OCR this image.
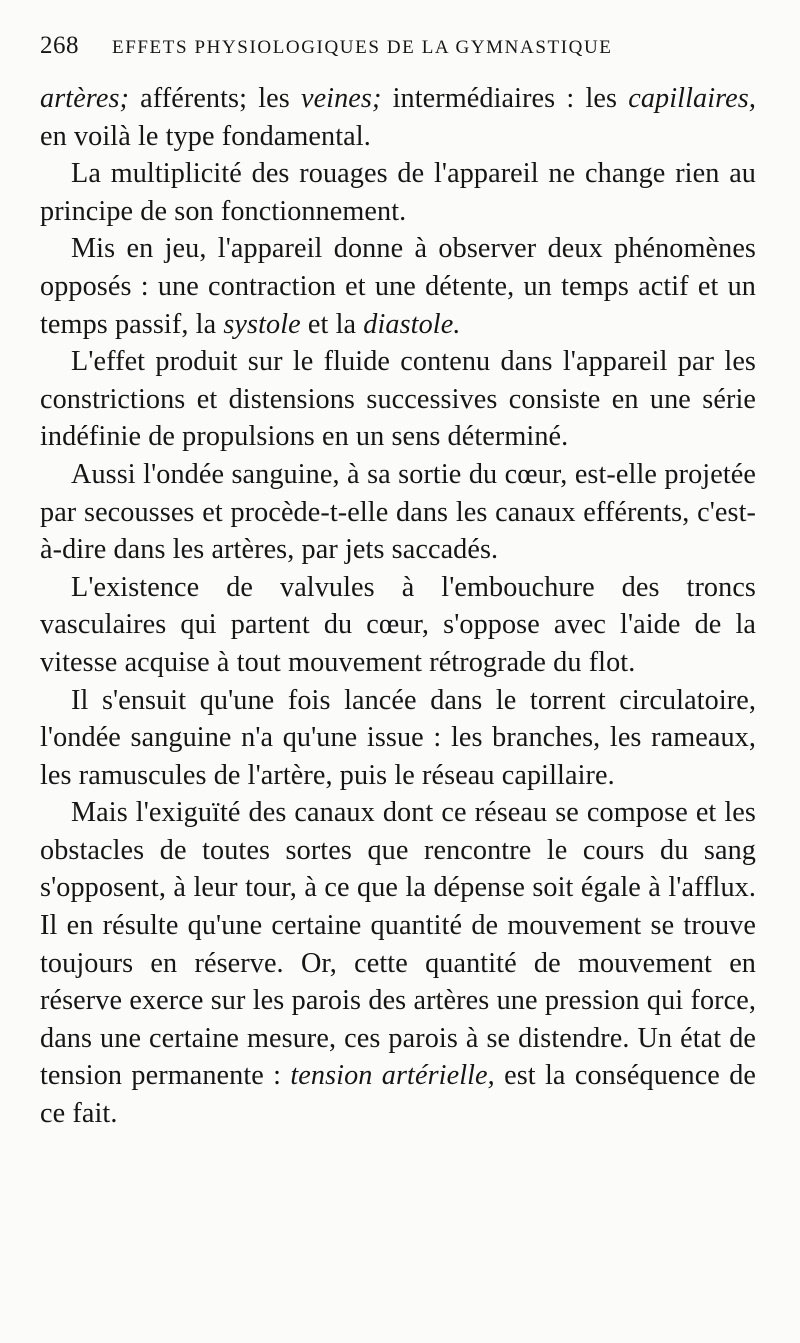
268	EFFETS PHYSIOLOGIQUES DE LA GYMNASTIQUE

artères; afférents; les veines; intermédiaires : les capillaires, en voilà le type fondamental.

La multiplicité des rouages de l'appareil ne change rien au principe de son fonctionnement.

Mis en jeu, l'appareil donne à observer deux phénomènes opposés : une contraction et une détente, un temps actif et un temps passif, la systole et la diastole.

L'effet produit sur le fluide contenu dans l'appareil par les constrictions et distensions successives consiste en une série indéfinie de propulsions en un sens déterminé.

Aussi l'ondée sanguine, à sa sortie du cœur, est-elle projetée par secousses et procède-t-elle dans les canaux efférents, c'est-à-dire dans les artères, par jets saccadés.

L'existence de valvules à l'embouchure des troncs vasculaires qui partent du cœur, s'oppose avec l'aide de la vitesse acquise à tout mouvement rétrograde du flot.

Il s'ensuit qu'une fois lancée dans le torrent circulatoire, l'ondée sanguine n'a qu'une issue : les branches, les rameaux, les ramuscules de l'artère, puis le réseau capillaire.

Mais l'exiguïté des canaux dont ce réseau se compose et les obstacles de toutes sortes que rencontre le cours du sang s'opposent, à leur tour, à ce que la dépense soit égale à l'afflux. Il en résulte qu'une certaine quantité de mouvement se trouve toujours en réserve. Or, cette quantité de mouvement en réserve exerce sur les parois des artères une pression qui force, dans une certaine mesure, ces parois à se distendre. Un état de tension permanente : tension artérielle, est la conséquence de ce fait.
